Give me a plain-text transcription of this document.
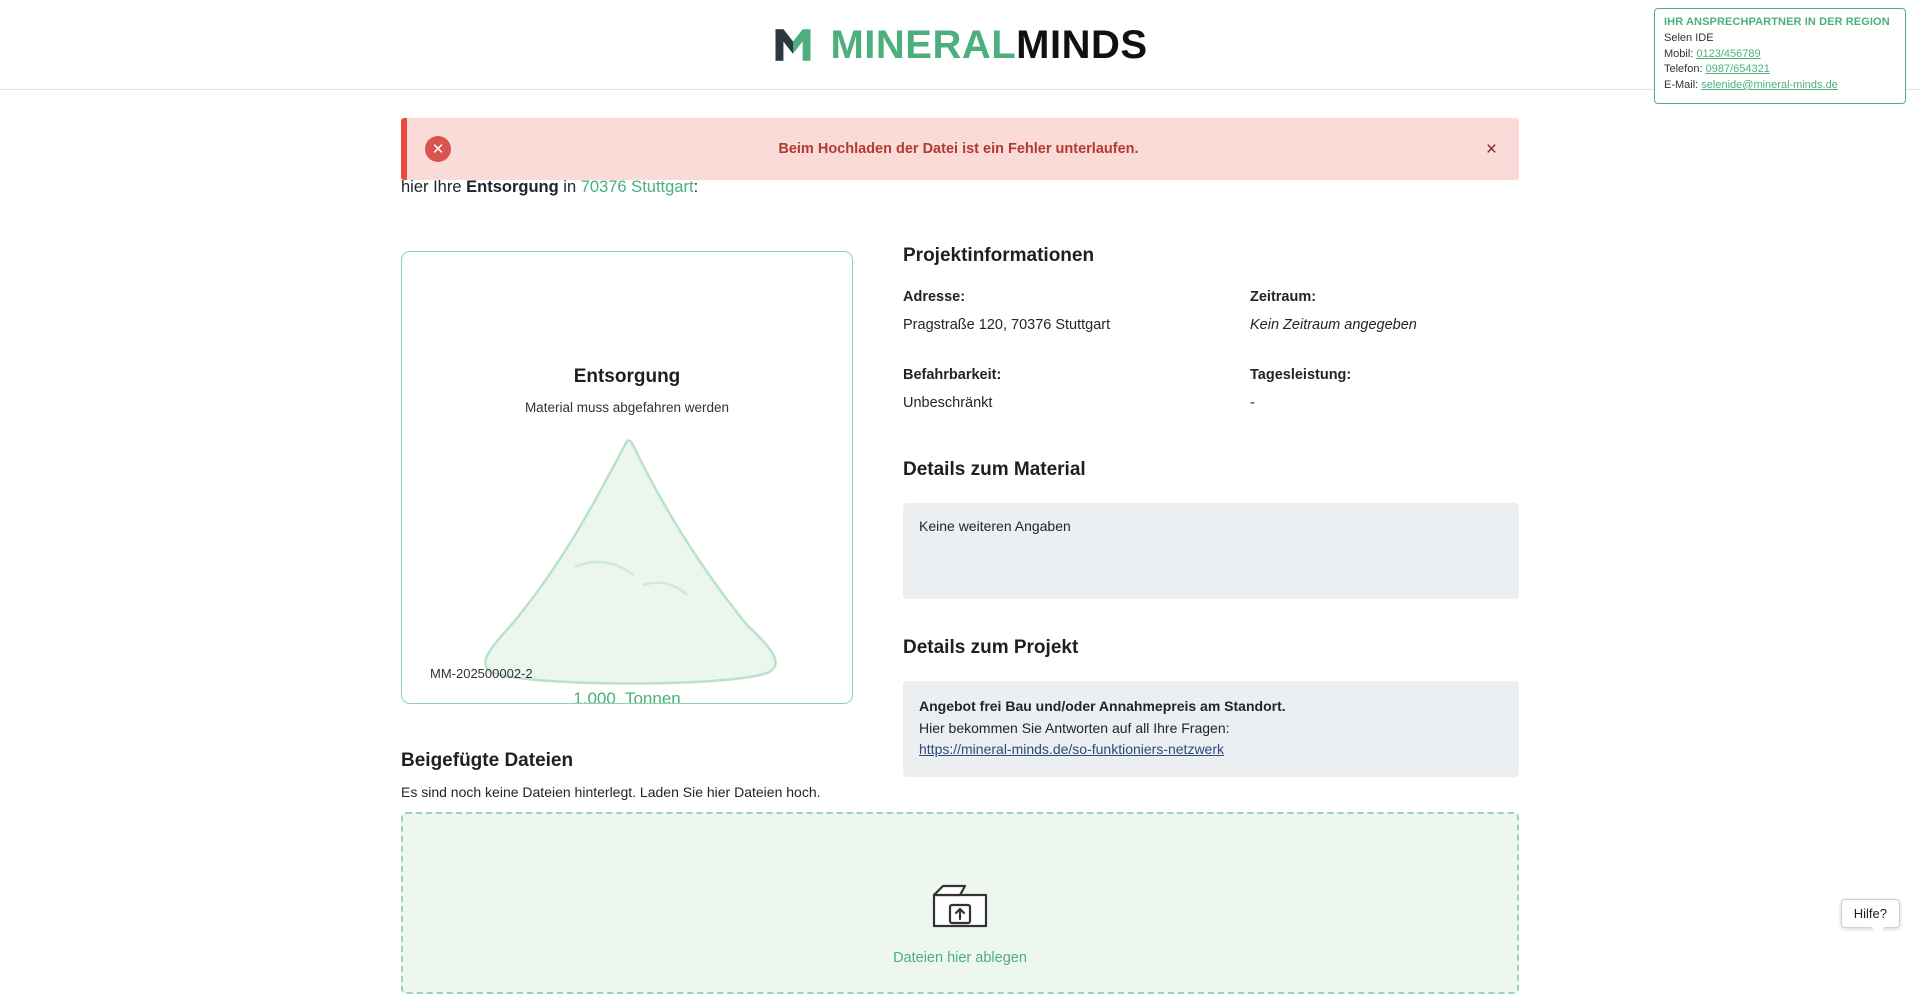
MINERALMINDS
IHR ANSPRECHPARTNER IN DER REGION
Selen IDE
Mobil: 0123/456789
Telefon: 0987/654321
E-Mail: selenide@mineral-minds.de
✕	Beim Hochladen der Datei ist ein Fehler unterlaufen.	×
hier Ihre Entsorgung in 70376 Stuttgart:
Entsorgung
Material muss abgefahren werden
1.000 Tonnen
MM-202500002-2
Projektinformationen
Adresse:
Pragstraße 120, 70376 Stuttgart
Zeitraum:
Kein Zeitraum angegeben
Befahrbarkeit:
Unbeschränkt
Tagesleistung:
-
Details zum Material
Keine weiteren Angaben
Details zum Projekt
Angebot frei Bau und/oder Annahmepreis am Standort.
Hier bekommen Sie Antworten auf all Ihre Fragen:
https://mineral-minds.de/so-funktioniers-netzwerk
Beigefügte Dateien
Es sind noch keine Dateien hinterlegt. Laden Sie hier Dateien hoch.
Dateien hier ablegen
Hilfe?
